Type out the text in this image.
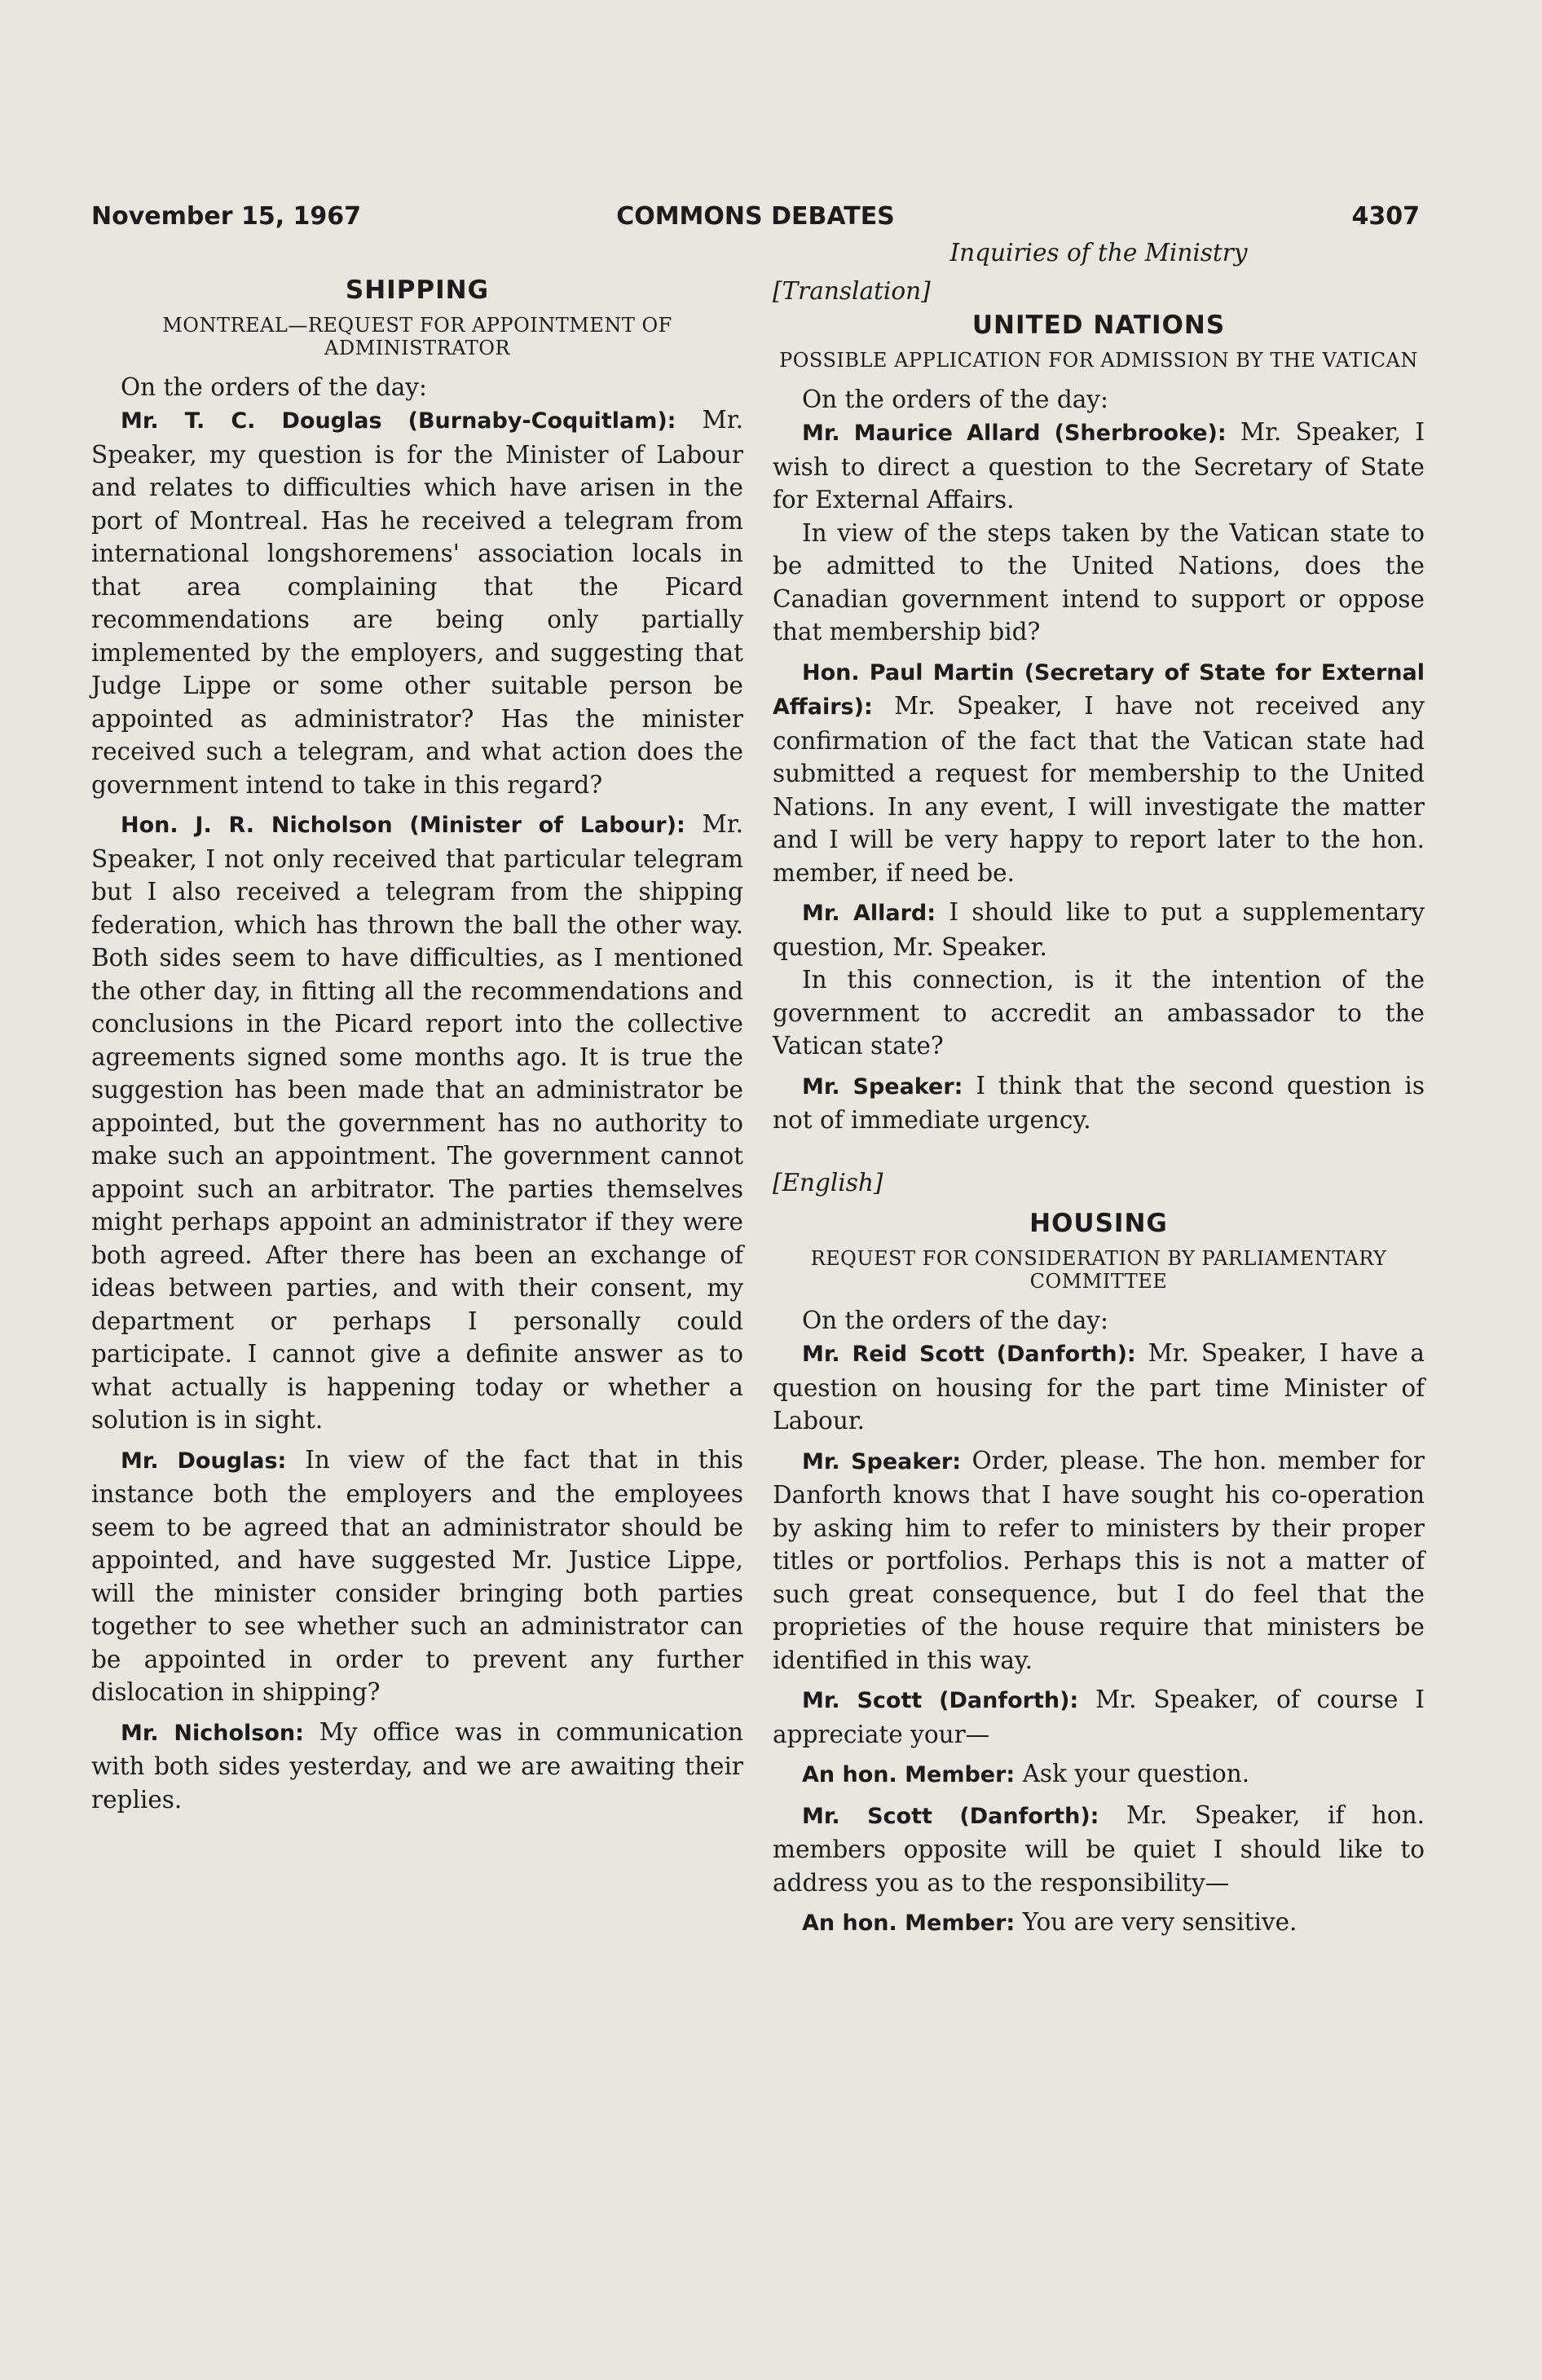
November 15, 1967	COMMONS DEBATES	4307
SHIPPING
MONTREAL—REQUEST FOR APPOINTMENT OF ADMINISTRATOR

On the orders of the day:

Mr. T. C. Douglas (Burnaby-Coquitlam): Mr. Speaker, my question is for the Minister of Labour and relates to difficulties which have arisen in the port of Montreal. Has he received a telegram from international longshoremens' association locals in that area complaining that the Picard recommendations are being only partially implemented by the employers, and suggesting that Judge Lippe or some other suitable person be appointed as administrator? Has the minister received such a telegram, and what action does the government intend to take in this regard?

Hon. J. R. Nicholson (Minister of Labour): Mr. Speaker, I not only received that particular telegram but I also received a telegram from the shipping federation, which has thrown the ball the other way. Both sides seem to have difficulties, as I mentioned the other day, in fitting all the recommendations and conclusions in the Picard report into the collective agreements signed some months ago. It is true the suggestion has been made that an administrator be appointed, but the government has no authority to make such an appointment. The government cannot appoint such an arbitrator. The parties themselves might perhaps appoint an administrator if they were both agreed. After there has been an exchange of ideas between parties, and with their consent, my department or perhaps I personally could participate. I cannot give a definite answer as to what actually is happening today or whether a solution is in sight.

Mr. Douglas: In view of the fact that in this instance both the employers and the employees seem to be agreed that an administrator should be appointed, and have suggested Mr. Justice Lippe, will the minister consider bringing both parties together to see whether such an administrator can be appointed in order to prevent any further dislocation in shipping?

Mr. Nicholson: My office was in communication with both sides yesterday, and we are awaiting their replies.

Inquiries of the Ministry
[Translation]
UNITED NATIONS
POSSIBLE APPLICATION FOR ADMISSION BY THE VATICAN

On the orders of the day:

Mr. Maurice Allard (Sherbrooke): Mr. Speaker, I wish to direct a question to the Secretary of State for External Affairs.

In view of the steps taken by the Vatican state to be admitted to the United Nations, does the Canadian government intend to support or oppose that membership bid?

Hon. Paul Martin (Secretary of State for External Affairs): Mr. Speaker, I have not received any confirmation of the fact that the Vatican state had submitted a request for membership to the United Nations. In any event, I will investigate the matter and I will be very happy to report later to the hon. member, if need be.

Mr. Allard: I should like to put a supplementary question, Mr. Speaker.

In this connection, is it the intention of the government to accredit an ambassador to the Vatican state?

Mr. Speaker: I think that the second question is not of immediate urgency.

[English]
HOUSING
REQUEST FOR CONSIDERATION BY PARLIAMENTARY COMMITTEE

On the orders of the day:

Mr. Reid Scott (Danforth): Mr. Speaker, I have a question on housing for the part time Minister of Labour.

Mr. Speaker: Order, please. The hon. member for Danforth knows that I have sought his co-operation by asking him to refer to ministers by their proper titles or portfolios. Perhaps this is not a matter of such great consequence, but I do feel that the proprieties of the house require that ministers be identified in this way.

Mr. Scott (Danforth): Mr. Speaker, of course I appreciate your—

An hon. Member: Ask your question.

Mr. Scott (Danforth): Mr. Speaker, if hon. members opposite will be quiet I should like to address you as to the responsibility—

An hon. Member: You are very sensitive.
